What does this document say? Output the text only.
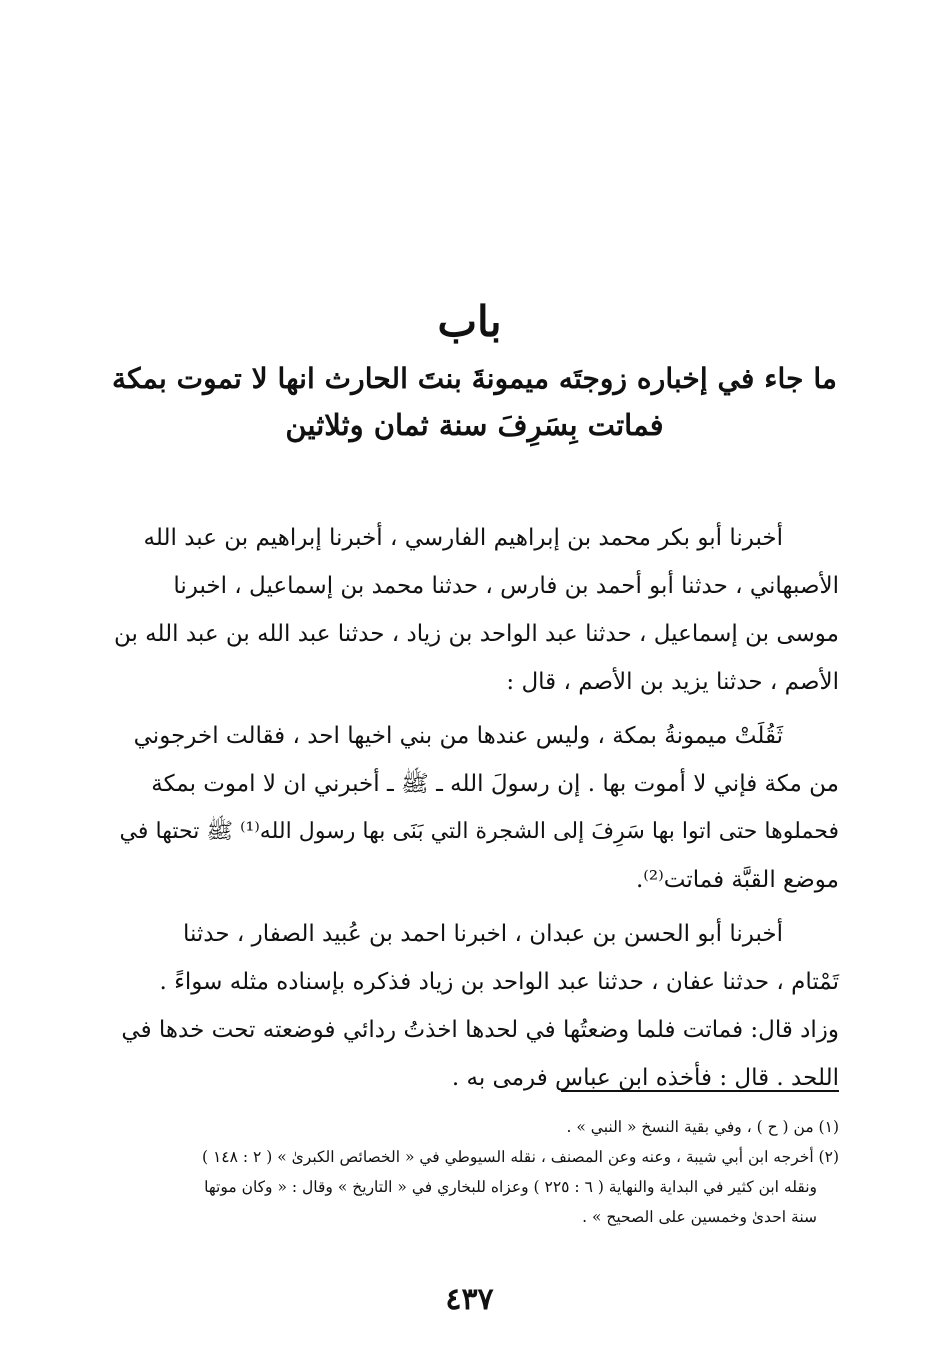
باب
ما جاء في إخباره زوجتَه ميمونةَ بنتَ الحارث انها لا تموت بمكة
فماتت بِسَرِفَ سنة ثمان وثلاثين

أخبرنا أبو بكر محمد بن إبراهيم الفارسي ، أخبرنا إبراهيم بن عبد الله
الأصبهاني ، حدثنا أبو أحمد بن فارس ، حدثنا محمد بن إسماعيل ، اخبرنا
موسى بن إسماعيل ، حدثنا عبد الواحد بن زياد ، حدثنا عبد الله بن عبد الله بن
الأصم ، حدثنا يزيد بن الأصم ، قال :

ثَقُلَتْ ميمونةُ بمكة ، وليس عندها من بني اخيها احد ، فقالت اخرجوني
من مكة فإني لا أموت بها . إن رسولَ الله ـ ﷺ ـ أخبرني ان لا اموت بمكة
فحملوها حتى اتوا بها سَرِفَ إلى الشجرة التي بَنَى بها رسول الله⁽¹⁾ ﷺ تحتها في
موضع القبَّة فماتت⁽²⁾.

أخبرنا أبو الحسن بن عبدان ، اخبرنا احمد بن عُبيد الصفار ، حدثنا
تَمْتام ، حدثنا عفان ، حدثنا عبد الواحد بن زياد فذكره بإسناده مثله سواءً .
وزاد قال: فماتت فلما وضعتُها في لحدها اخذتُ ردائي فوضعته تحت خدها في
اللحد . قال : فأخذه ابن عباس فرمى به .

(١) من ( ح ) ، وفي بقية النسخ « النبي » .

(٢) أخرجه ابن أبي شيبة ، وعنه وعن المصنف ، نقله السيوطي في « الخصائص الكبرىٰ » ( ٢ : ١٤٨ )
ونقله ابن كثير في البداية والنهاية ( ٦ : ٢٢٥ ) وعزاه للبخاري في « التاريخ » وقال : « وكان موتها
سنة احدىٰ وخمسين على الصحيح » .

٤٣٧
